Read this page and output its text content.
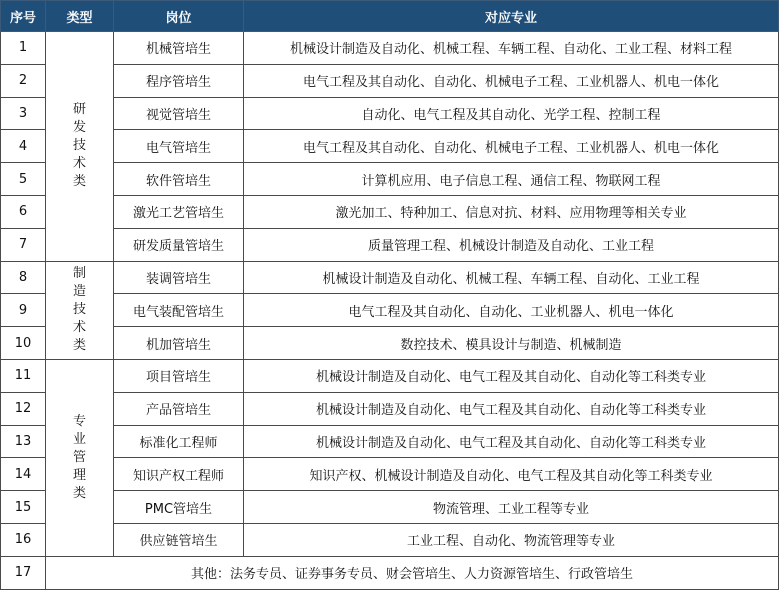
序号	类型	岗位	对应专业
1	研发技术类	机械管培生	机械设计制造及自动化、机械工程、车辆工程、自动化、工业工程、材料工程
2		程序管培生	电气工程及其自动化、自动化、机械电子工程、工业机器人、机电一体化
3		视觉管培生	自动化、电气工程及其自动化、光学工程、控制工程
4		电气管培生	电气工程及其自动化、自动化、机械电子工程、工业机器人、机电一体化
5		软件管培生	计算机应用、电子信息工程、通信工程、物联网工程
6		激光工艺管培生	激光加工、特种加工、信息对抗、材料、应用物理等相关专业
7		研发质量管培生	质量管理工程、机械设计制造及自动化、工业工程
8	制造技术类	装调管培生	机械设计制造及自动化、机械工程、车辆工程、自动化、工业工程
9		电气装配管培生	电气工程及其自动化、自动化、工业机器人、机电一体化
10		机加管培生	数控技术、模具设计与制造、机械制造
11	专业管理类	项目管培生	机械设计制造及自动化、电气工程及其自动化、自动化等工科类专业
12		产品管培生	机械设计制造及自动化、电气工程及其自动化、自动化等工科类专业
13		标准化工程师	机械设计制造及自动化、电气工程及其自动化、自动化等工科类专业
14		知识产权工程师	知识产权、机械设计制造及自动化、电气工程及其自动化等工科类专业
15		PMC管培生	物流管理、工业工程等专业
16		供应链管培生	工业工程、自动化、物流管理等专业
17	其他：法务专员、证券事务专员、财会管培生、人力资源管培生、行政管培生		
